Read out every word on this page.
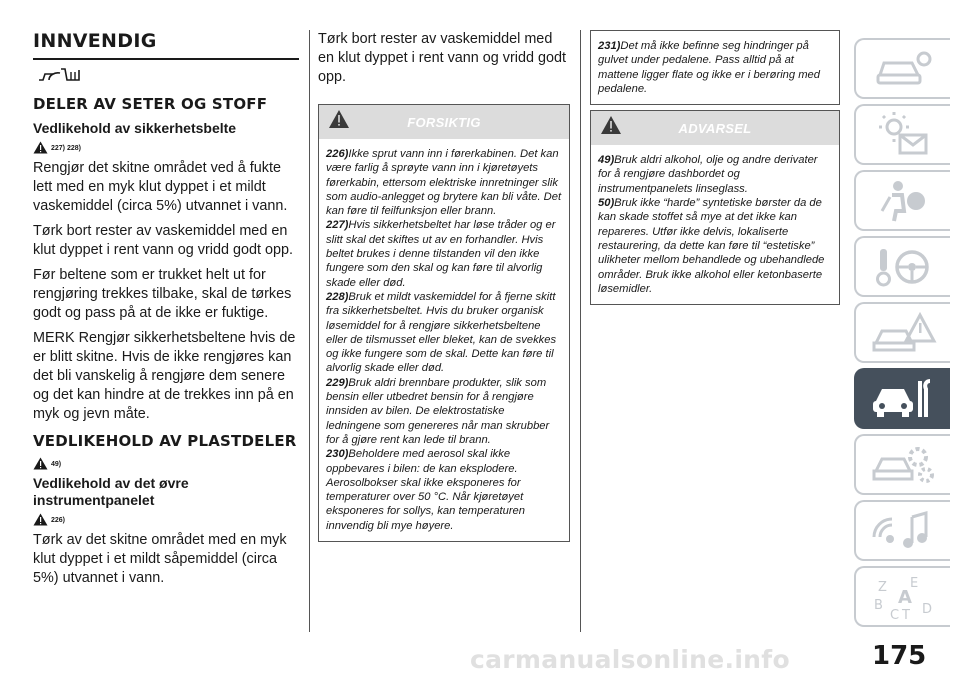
INNVENDIG
DELER AV SETER OG STOFF
Vedlikehold av sikkerhetsbelte
227) 228)

Rengjør det skitne området ved å fukte lett med en myk klut dyppet i et mildt vaskemiddel (circa 5%) utvannet i vann.

Tørk bort rester av vaskemiddel med en klut dyppet i rent vann og vridd godt opp.

Før beltene som er trukket helt ut for rengjøring trekkes tilbake, skal de tørkes godt og pass på at de ikke er fuktige.

MERK Rengjør sikkerhetsbeltene hvis de er blitt skitne. Hvis de ikke rengjøres kan det bli vanskelig å rengjøre dem senere og det kan hindre at de trekkes inn på en myk og jevn måte.

VEDLIKEHOLD AV PLASTDELER
49)
Vedlikehold av det øvre instrumentpanelet
226)

Tørk av det skitne området med en myk klut dyppet i et mildt såpemiddel (circa 5%) utvannet i vann.

Tørk bort rester av vaskemiddel med en klut dyppet i rent vann og vridd godt opp.

FORSIKTIG

226)Ikke sprut vann inn i førerkabinen. Det kan være farlig å sprøyte vann inn i kjøretøyets førerkabin, ettersom elektriske innretninger slik som audio-anlegget og brytere kan bli våte. Det kan føre til feilfunksjon eller brann.

227)Hvis sikkerhetsbeltet har løse tråder og er slitt skal det skiftes ut av en forhandler. Hvis beltet brukes i denne tilstanden vil den ikke fungere som den skal og kan føre til alvorlig skade eller død.

228)Bruk et mildt vaskemiddel for å fjerne skitt fra sikkerhetsbeltet. Hvis du bruker organisk løsemiddel for å rengjøre sikkerhetsbeltene eller de tilsmusset eller bleket, kan de svekkes og ikke fungere som de skal. Dette kan føre til alvorlig skade eller død.

229)Bruk aldri brennbare produkter, slik som bensin eller utbedret bensin for å rengjøre innsiden av bilen. De elektrostatiske ledningene som genereres når man skrubber for å gjøre rent kan lede til brann.

230)Beholdere med aerosol skal ikke oppbevares i bilen: de kan eksplodere. Aerosolbokser skal ikke eksponeres for temperaturer over 50 °C. Når kjøretøyet eksponeres for sollys, kan temperaturen innvendig bli mye høyere.

231)Det må ikke befinne seg hindringer på gulvet under pedalene. Pass alltid på at mattene ligger flate og ikke er i berøring med pedalene.

ADVARSEL

49)Bruk aldri alkohol, olje og andre derivater for å rengjøre dashbordet og instrumentpanelets linseglass.

50)Bruk ikke “harde” syntetiske børster da de kan skade stoffet så mye at det ikke kan repareres. Utfør ikke delvis, lokaliserte restaurering, da dette kan føre til “estetiske” ulikheter mellom behandlede og ubehandlede områder. Bruk ikke alkohol eller ketonbaserte løsemidler.

Z E
A
B
C T D
carmanualsonline.info	175
